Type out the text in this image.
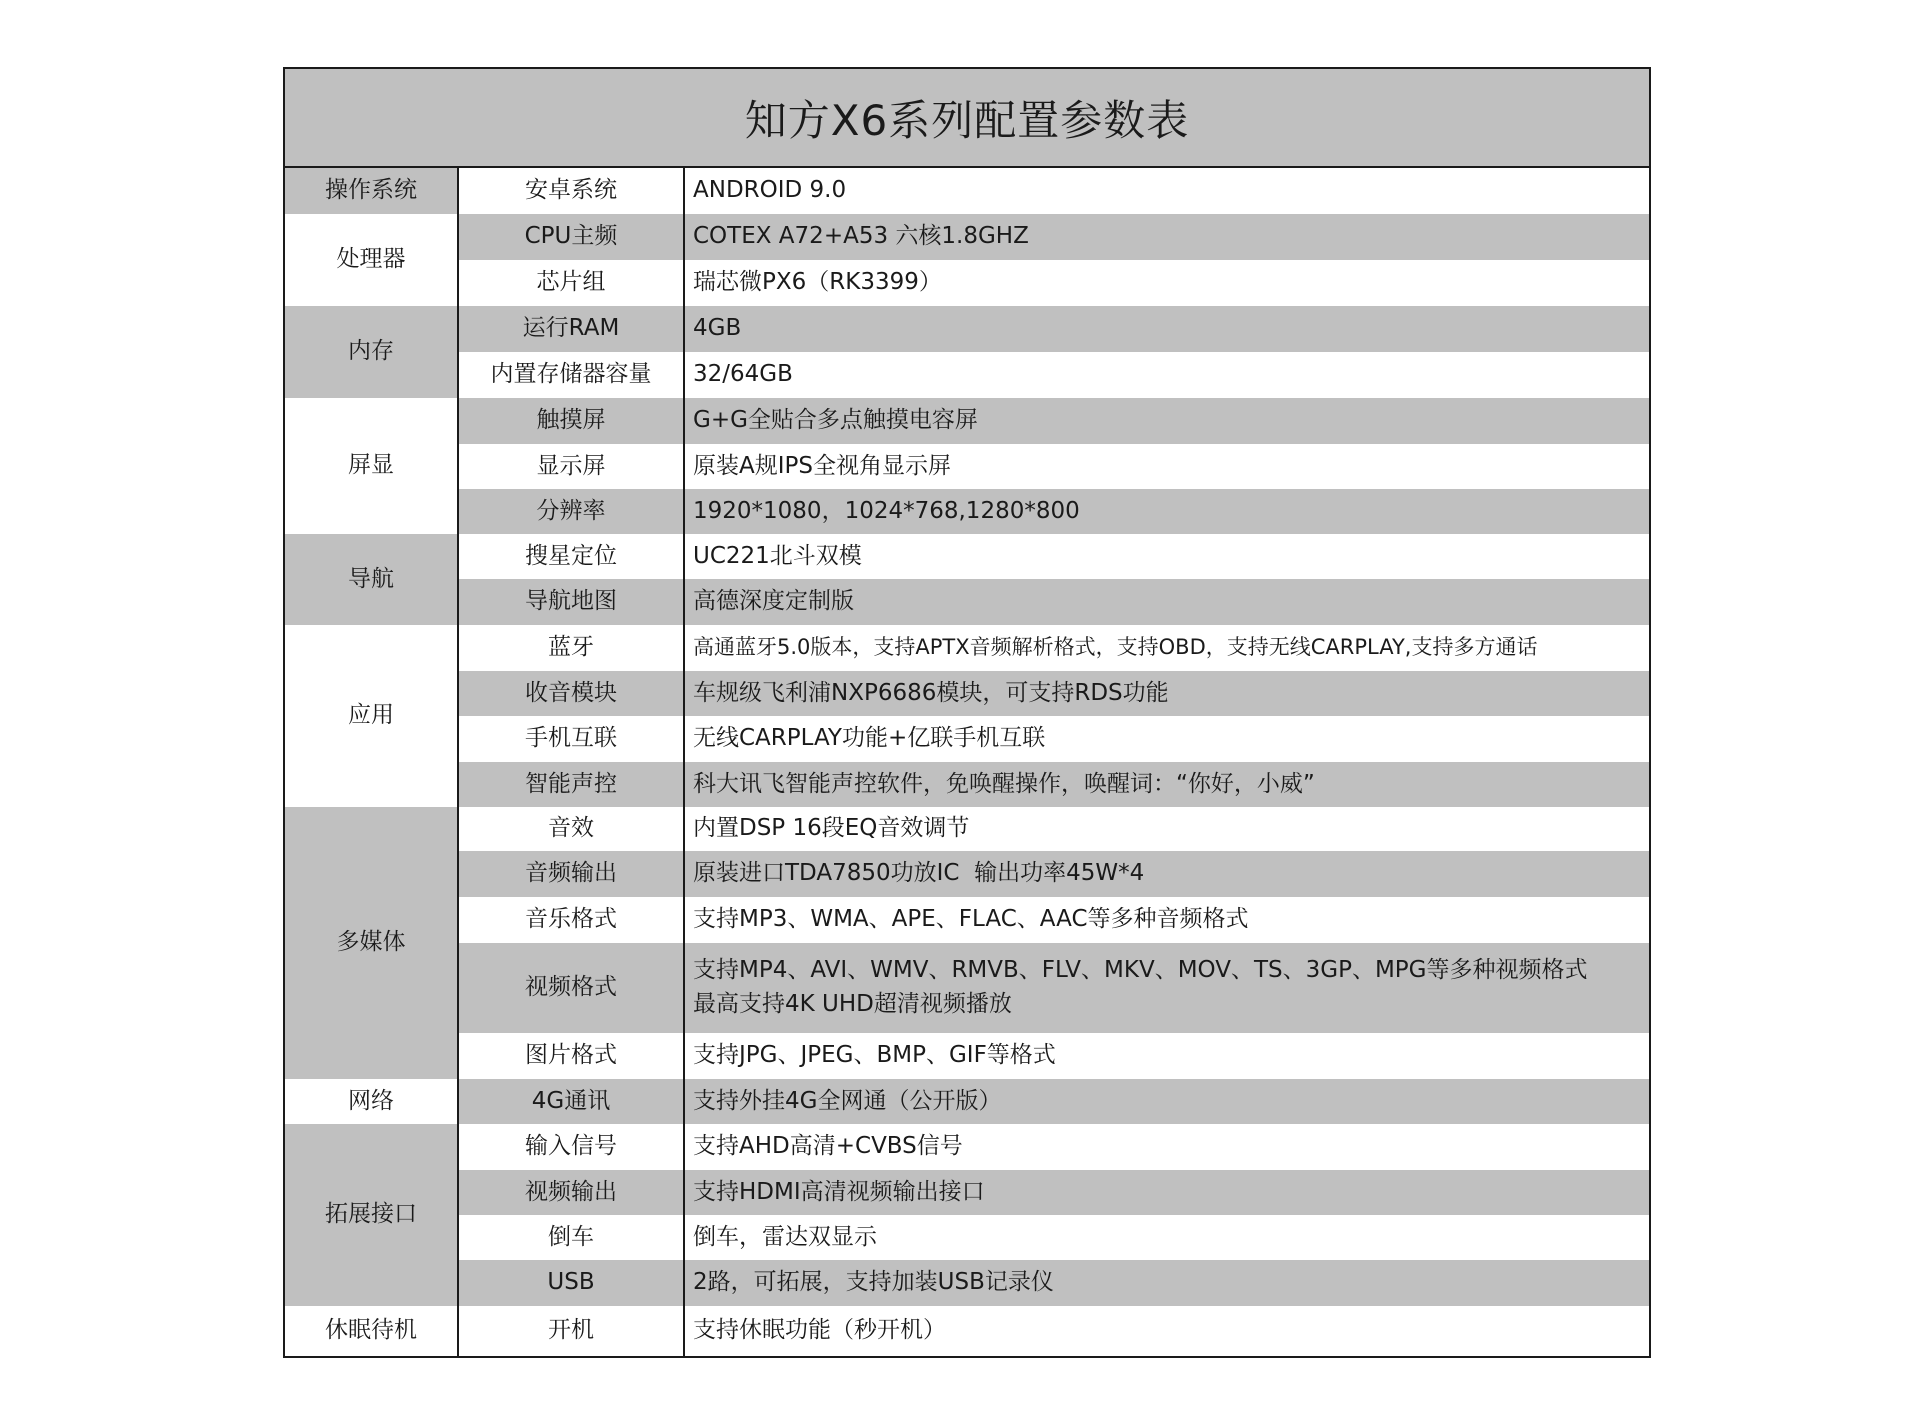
知方X6系列配置参数表
操作系统	安卓系统	ANDROID 9.0
处理器	CPU主频	COTEX A72+A53 六核1.8GHZ
	芯片组	瑞芯微PX6（RK3399）
内存	运行RAM	4GB
	内置存储器容量	32/64GB
屏显	触摸屏	G+G全贴合多点触摸电容屏
	显示屏	原装A规IPS全视角显示屏
	分辨率	1920*1080，1024*768,1280*800
导航	搜星定位	UC221北斗双模
	导航地图	高德深度定制版
应用	蓝牙	高通蓝牙5.0版本，支持APTX音频解析格式，支持OBD，支持无线CARPLAY,支持多方通话
	收音模块	车规级飞利浦NXP6686模块，可支持RDS功能
	手机互联	无线CARPLAY功能+亿联手机互联
	智能声控	科大讯飞智能声控软件，免唤醒操作，唤醒词：“你好，小威”
多媒体	音效	内置DSP 16段EQ音效调节
	音频输出	原装进口TDA7850功放IC  输出功率45W*4
	音乐格式	支持MP3、WMA、APE、FLAC、AAC等多种音频格式
	视频格式	支持MP4、AVI、WMV、RMVB、FLV、MKV、MOV、TS、3GP、MPG等多种视频格式
最高支持4K UHD超清视频播放

	图片格式	支持JPG、JPEG、BMP、GIF等格式
网络	4G通讯	支持外挂4G全网通（公开版）
拓展接口	输入信号	支持AHD高清+CVBS信号
	视频输出	支持HDMI高清视频输出接口
	倒车	倒车，雷达双显示
	USB	2路，可拓展，支持加装USB记录仪
休眠待机	开机	支持休眠功能（秒开机）
